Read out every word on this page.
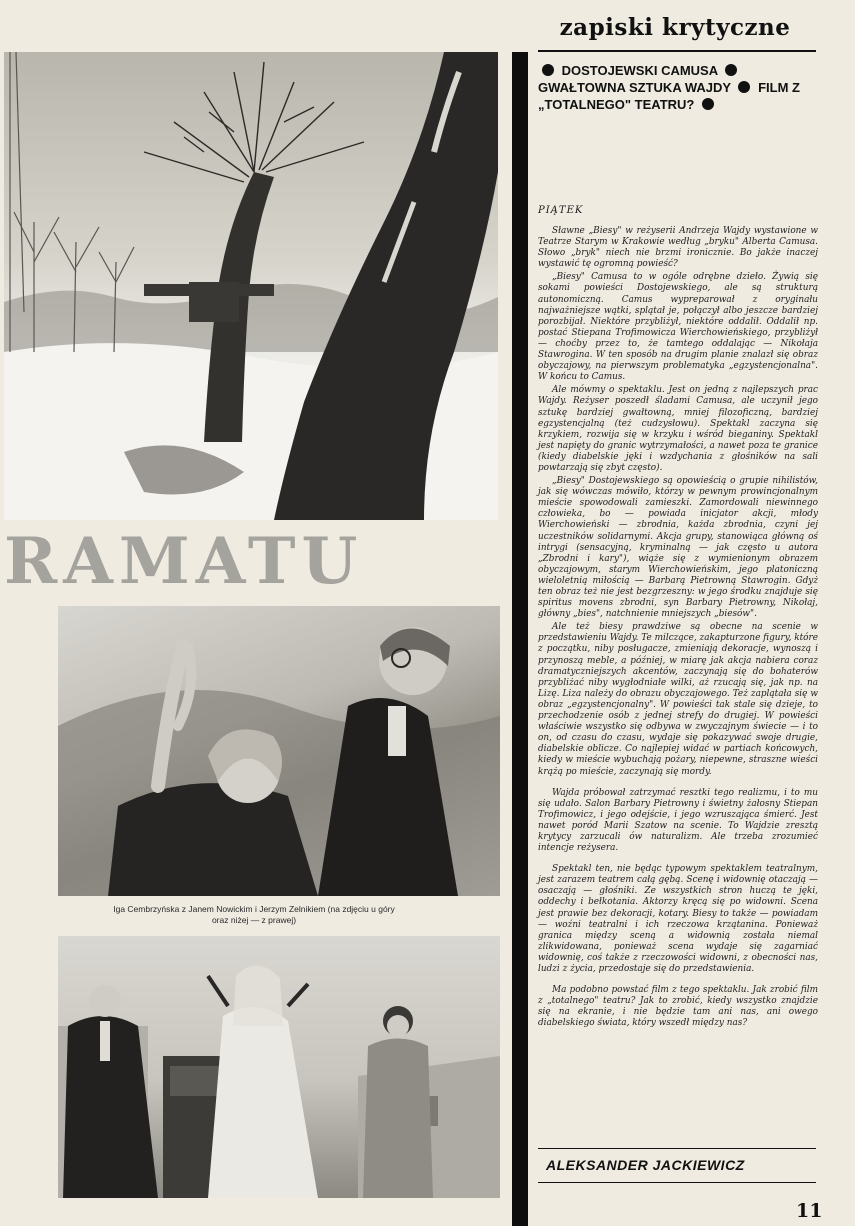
RAMATU
Iga Cembrzyńska z Janem Nowickim i Jerzym Zelnikiem (na zdjęciu u góry oraz niżej — z prawej)
zapiski krytyczne
DOSTOJEWSKI CAMUSA  GWAŁTOWNA SZTUKA WAJDY FILM Z „TOTALNEGO" TEATRU?
PIĄTEK

Sławne „Biesy" w reżyserii Andrzeja Wajdy wystawione w Teatrze Starym w Krakowie według „bryku" Alberta Camusa. Słowo „bryk" niech nie brzmi ironicznie. Bo jakże inaczej wystawić tę ogromną powieść?

„Biesy" Camusa to w ogóle odrębne dzieło. Żywią się sokami powieści Dostojewskiego, ale są strukturą autonomiczną. Camus wypreparował z oryginału najważniejsze wątki, splątał je, połączył albo jeszcze bardziej porozbijał. Niektóre przybliżył, niektóre oddalił. Oddalił np. postać Stiepana Trofimowicza Wierchowieńskiego, przybliżył — choćby przez to, że tamtego oddalając — Nikołaja Stawrogina. W ten sposób na drugim planie znalazł się obraz obyczajowy, na pierwszym problematyka „egzystencjonalna". W końcu to Camus.

Ale mówmy o spektaklu. Jest on jedną z najlepszych prac Wajdy. Reżyser poszedł śladami Camusa, ale uczynił jego sztukę bardziej gwałtowną, mniej filozoficzną, bardziej egzystencjalną (też cudzysłowu). Spektakl zaczyna się krzykiem, rozwija się w krzyku i wśród bieganiny. Spektakl jest napięty do granic wytrzymałości, a nawet poza te granice (kiedy diabelskie jęki i wzdychania z głośników na sali powtarzają się zbyt często).

„Biesy" Dostojewskiego są opowieścią o grupie nihilistów, jak się wówczas mówiło, którzy w pewnym prowincjonalnym mieście spowodowali zamieszki. Zamordowali niewinnego człowieka, bo — powiada inicjator akcji, młody Wierchowieński — zbrodnia, każda zbrodnia, czyni jej uczestników solidarnymi. Akcja grupy, stanowiąca główną oś intrygi (sensacyjną, kryminalną — jak często u autora „Zbrodni i kary"), wiąże się z wymienionym obrazem obyczajowym, starym Wierchowieńskim, jego platoniczną wieloletnią miłością — Barbarą Pietrowną Stawrogin. Gdyż ten obraz też nie jest bezgrzeszny: w jego środku znajduje się spiritus movens zbrodni, syn Barbary Pietrowny, Nikołaj, główny „bies", natchnienie mniejszych „biesów".

Ale też biesy prawdziwe są obecne na scenie w przedstawieniu Wajdy. Te milczące, zakapturzone figury, które z początku, niby posługacze, zmieniają dekoracje, wynoszą i przynoszą meble, a później, w miarę jak akcja nabiera coraz dramatyczniejszych akcentów, zaczynają się do bohaterów przybliżać niby wygłodniałe wilki, aż rzucają się, jak np. na Lizę. Liza należy do obrazu obyczajowego. Też zaplątała się w obraz „egzystencjonalny". W powieści tak stale się dzieje, to przechodzenie osób z jednej strefy do drugiej. W powieści właściwie wszystko się odbywa w zwyczajnym świecie — i to on, od czasu do czasu, wydaje się pokazywać swoje drugie, diabelskie oblicze. Co najlepiej widać w partiach końcowych, kiedy w mieście wybuchają pożary, niepewne, straszne wieści krążą po mieście, zaczynają się mordy.

Wajda próbował zatrzymać resztki tego realizmu, i to mu się udało. Salon Barbary Pietrowny i świetny żałosny Stiepan Trofimowicz, i jego odejście, i jego wzruszająca śmierć. Jest nawet poród Marii Szatow na scenie. To Wajdzie zresztą krytycy zarzucali ów naturalizm. Ale trzeba zrozumieć intencje reżysera.

Spektakl ten, nie będąc typowym spektaklem teatralnym, jest zarazem teatrem całą gębą. Scenę i widownię otaczają — osaczają — głośniki. Ze wszystkich stron huczą te jęki, oddechy i bełkotania. Aktorzy kręcą się po widowni. Scena jest prawie bez dekoracji, kotary. Biesy to także — powiadam — woźni teatralni i ich rzeczowa krzątanina. Ponieważ granica między sceną a widownią została niemal zlikwidowana, ponieważ scena wydaje się zagarniać widownię, coś także z rzeczowości widowni, z obecności nas, ludzi z życia, przedostaje się do przedstawienia.

Ma podobno powstać film z tego spektaklu. Jak zrobić film z „totalnego" teatru? Jak to zrobić, kiedy wszystko znajdzie się na ekranie, i nie będzie tam ani nas, ani owego diabelskiego świata, który wszedł między nas?

ALEKSANDER JACKIEWICZ
11
